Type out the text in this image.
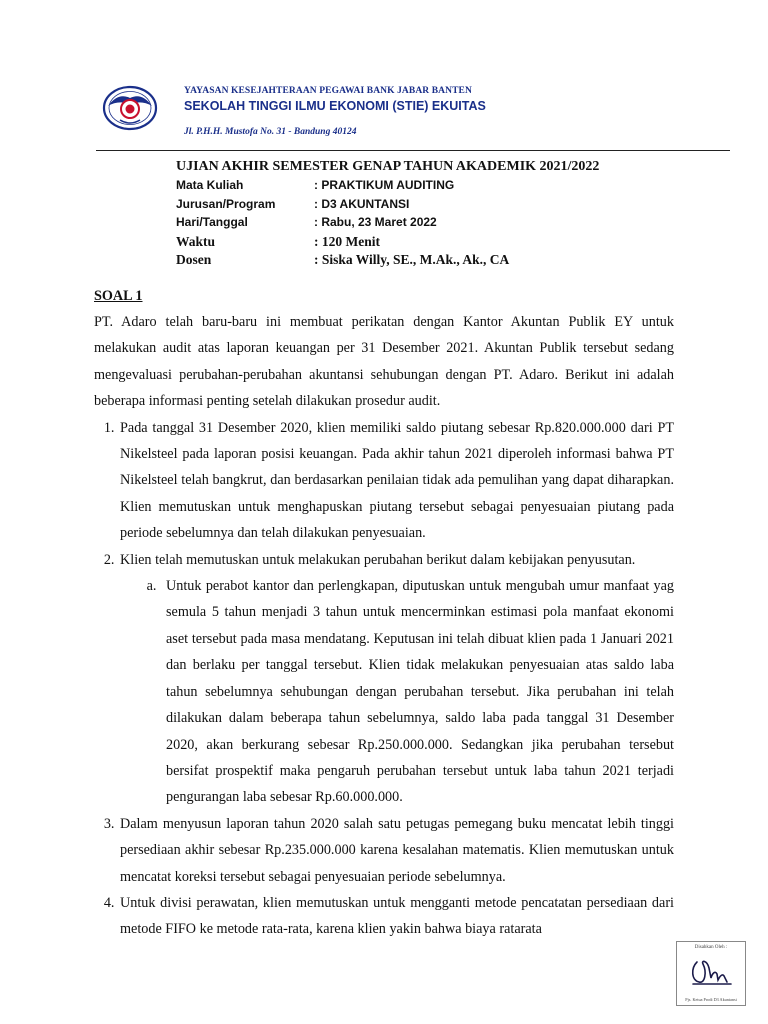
YAYASAN KESEJAHTERAAN PEGAWAI BANK JABAR BANTEN
SEKOLAH TINGGI ILMU EKONOMI (STIE) EKUITAS
Jl. P.H.H. Mustofa No. 31 - Bandung 40124
UJIAN AKHIR SEMESTER GENAP TAHUN AKADEMIK 2021/2022
Mata Kuliah	: PRAKTIKUM AUDITING
Jurusan/Program	: D3 AKUNTANSI
Hari/Tanggal	: Rabu, 23 Maret 2022
Waktu	: 120 Menit
Dosen	: Siska Willy, SE., M.Ak., Ak., CA
SOAL 1

PT. Adaro telah baru-baru ini membuat perikatan dengan Kantor Akuntan Publik EY untuk melakukan audit atas laporan keuangan per 31 Desember 2021. Akuntan Publik tersebut sedang mengevaluasi perubahan-perubahan akuntansi sehubungan dengan PT. Adaro. Berikut ini adalah beberapa informasi penting setelah dilakukan prosedur audit.

1. Pada tanggal 31 Desember 2020, klien memiliki saldo piutang sebesar Rp.820.000.000 dari PT Nikelsteel pada laporan posisi keuangan. Pada akhir tahun 2021 diperoleh informasi bahwa PT Nikelsteel telah bangkrut, dan berdasarkan penilaian tidak ada pemulihan yang dapat diharapkan. Klien memutuskan untuk menghapuskan piutang tersebut sebagai penyesuaian piutang pada periode sebelumnya dan telah dilakukan penyesuaian.
2. Klien telah memutuskan untuk melakukan perubahan berikut dalam kebijakan penyusutan.
a. Untuk perabot kantor dan perlengkapan, diputuskan untuk mengubah umur manfaat yag semula 5 tahun menjadi 3 tahun untuk mencerminkan estimasi pola manfaat ekonomi aset tersebut pada masa mendatang. Keputusan ini telah dibuat klien pada 1 Januari 2021 dan berlaku per tanggal tersebut. Klien tidak melakukan penyesuaian atas saldo laba tahun sebelumnya sehubungan dengan perubahan tersebut. Jika perubahan ini telah dilakukan dalam beberapa tahun sebelumnya, saldo laba pada tanggal 31 Desember 2020, akan berkurang sebesar Rp.250.000.000. Sedangkan jika perubahan tersebut bersifat prospektif maka pengaruh perubahan tersebut untuk laba tahun 2021 terjadi pengurangan laba sebesar Rp.60.000.000.
3. Dalam menyusun laporan tahun 2020 salah satu petugas pemegang buku mencatat lebih tinggi persediaan akhir sebesar Rp.235.000.000 karena kesalahan matematis. Klien memutuskan untuk mencatat koreksi tersebut sebagai penyesuaian periode sebelumnya.
4. Untuk divisi perawatan, klien memutuskan untuk mengganti metode pencatatan persediaan dari metode FIFO ke metode rata-rata, karena klien yakin bahwa biaya ratarata
Disahkan Oleh :
Pjs. Ketua Prodi D3 Akuntansi
